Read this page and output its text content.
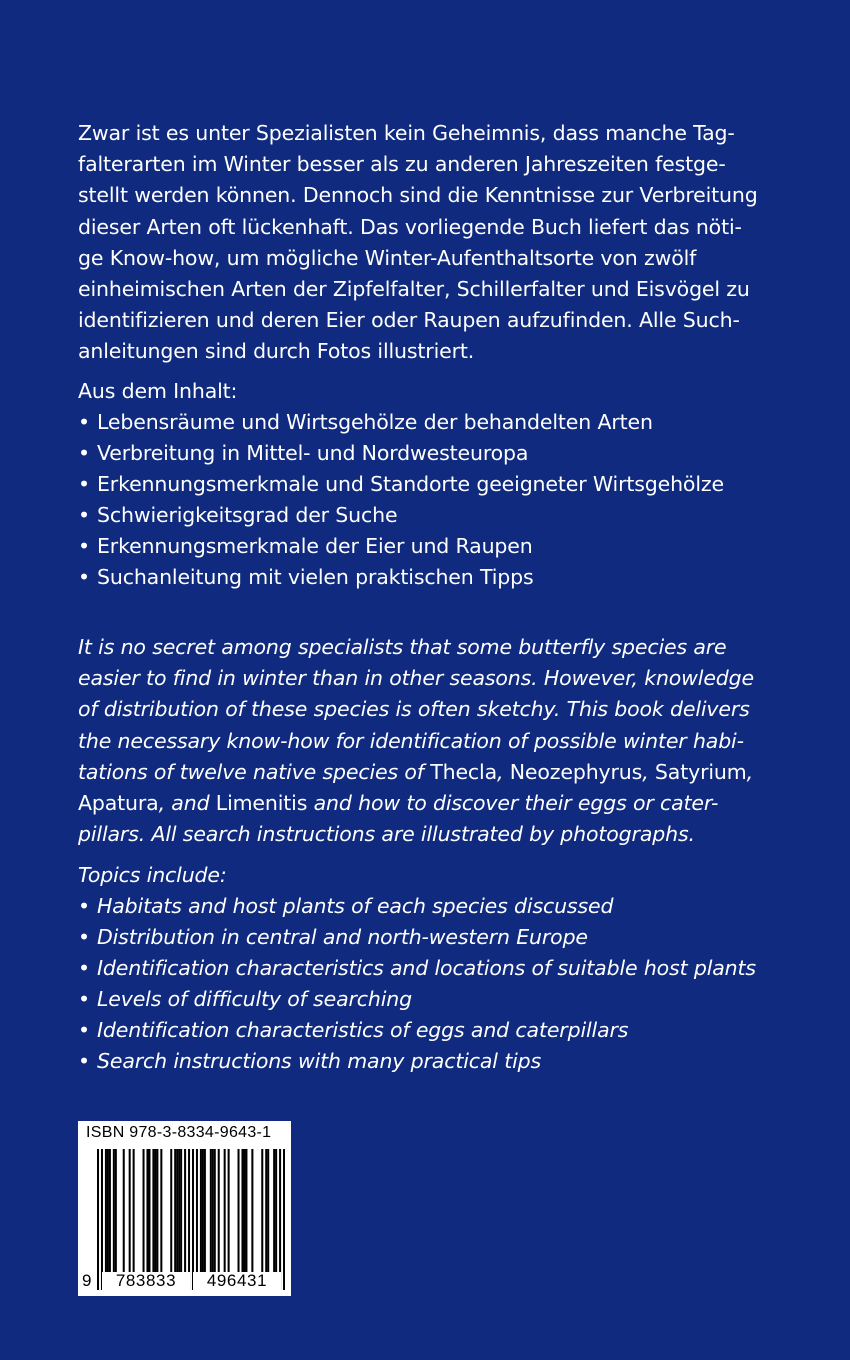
Zwar ist es unter Spezialisten kein Geheimnis, dass manche Tag-
falterarten im Winter besser als zu anderen Jahreszeiten festge-
stellt werden können. Dennoch sind die Kenntnisse zur Verbreitung
dieser Arten oft lückenhaft. Das vorliegende Buch liefert das nöti-
ge Know-how, um mögliche Winter-Aufenthaltsorte von zwölf
einheimischen Arten der Zipfelfalter, Schillerfalter und Eisvögel zu
identifizieren und deren Eier oder Raupen aufzufinden. Alle Such-
anleitungen sind durch Fotos illustriert.
Aus dem Inhalt:
• Lebensräume und Wirtsgehölze der behandelten Arten
• Verbreitung in Mittel- und Nordwesteuropa
• Erkennungsmerkmale und Standorte geeigneter Wirtsgehölze
• Schwierigkeitsgrad der Suche
• Erkennungsmerkmale der Eier und Raupen
• Suchanleitung mit vielen praktischen Tipps
It is no secret among specialists that some butterfly species are
easier to find in winter than in other seasons. However, knowledge
of distribution of these species is often sketchy. This book delivers
the necessary know-how for identification of possible winter habi-
tations of twelve native species of Thecla, Neozephyrus, Satyrium,
Apatura, and Limenitis and how to discover their eggs or cater-
pillars. All search instructions are illustrated by photographs.
Topics include:
• Habitats and host plants of each species discussed
• Distribution in central and north-western Europe
• Identification characteristics and locations of suitable host plants
• Levels of difficulty of searching
• Identification characteristics of eggs and caterpillars
• Search instructions with many practical tips
ISBN 978-3-8334-9643-1
9	783833	496431
